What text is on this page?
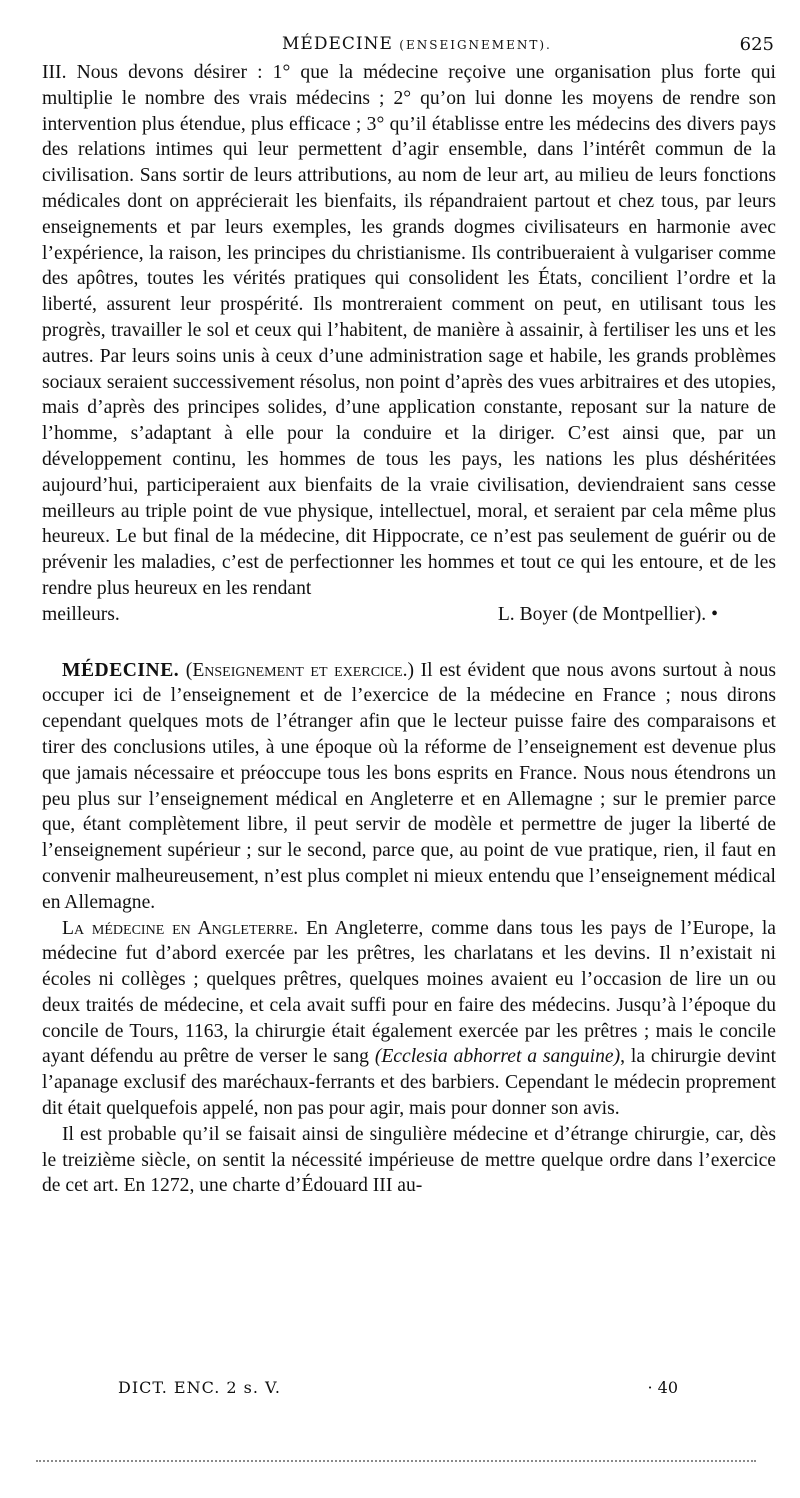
MÉDECINE (ENSEIGNEMENT).	625

III. Nous devons désirer : 1° que la médecine reçoive une organisation plus forte qui multiplie le nombre des vrais médecins ; 2° qu’on lui donne les moyens de rendre son intervention plus étendue, plus efficace ; 3° qu’il établisse entre les médecins des divers pays des relations intimes qui leur permettent d’agir ensemble, dans l’intérêt commun de la civilisation. Sans sortir de leurs attributions, au nom de leur art, au milieu de leurs fonctions médicales dont on apprécierait les bienfaits, ils répandraient partout et chez tous, par leurs enseignements et par leurs exemples, les grands dogmes civilisateurs en harmonie avec l’expérience, la raison, les principes du christianisme. Ils contribueraient à vulgariser comme des apôtres, toutes les vérités pratiques qui consolident les États, concilient l’ordre et la liberté, assurent leur prospérité. Ils montreraient comment on peut, en utilisant tous les progrès, travailler le sol et ceux qui l’habitent, de manière à assainir, à fertiliser les uns et les autres. Par leurs soins unis à ceux d’une administration sage et habile, les grands problèmes sociaux seraient successivement résolus, non point d’après des vues arbitraires et des utopies, mais d’après des principes solides, d’une application constante, reposant sur la nature de l’homme, s’adaptant à elle pour la conduire et la diriger. C’est ainsi que, par un développement continu, les hommes de tous les pays, les nations les plus déshéritées aujourd’hui, participeraient aux bienfaits de la vraie civilisation, deviendraient sans cesse meilleurs au triple point de vue physique, intellectuel, moral, et seraient par cela même plus heureux. Le but final de la médecine, dit Hippocrate, ce n’est pas seulement de guérir ou de prévenir les maladies, c’est de perfectionner les hommes et tout ce qui les entoure, et de les rendre plus heureux en les rendant

meilleurs.	L. Boyer (de Montpellier). •

MÉDECINE. (Enseignement et exercice.) Il est évident que nous avons surtout à nous occuper ici de l’enseignement et de l’exercice de la médecine en France ; nous dirons cependant quelques mots de l’étranger afin que le lecteur puisse faire des comparaisons et tirer des conclusions utiles, à une époque où la réforme de l’enseignement est devenue plus que jamais nécessaire et préoccupe tous les bons esprits en France. Nous nous étendrons un peu plus sur l’enseignement médical en Angleterre et en Allemagne ; sur le premier parce que, étant complètement libre, il peut servir de modèle et permettre de juger la liberté de l’enseignement supérieur ; sur le second, parce que, au point de vue pratique, rien, il faut en convenir malheureusement, n’est plus complet ni mieux entendu que l’enseignement médical en Allemagne.

La médecine en Angleterre. En Angleterre, comme dans tous les pays de l’Europe, la médecine fut d’abord exercée par les prêtres, les charlatans et les devins. Il n’existait ni écoles ni collèges ; quelques prêtres, quelques moines avaient eu l’occasion de lire un ou deux traités de médecine, et cela avait suffi pour en faire des médecins. Jusqu’à l’époque du concile de Tours, 1163, la chirurgie était également exercée par les prêtres ; mais le concile ayant défendu au prêtre de verser le sang (Ecclesia abhorret a sanguine), la chirurgie devint l’apanage exclusif des maréchaux-ferrants et des barbiers. Cependant le médecin proprement dit était quelquefois appelé, non pas pour agir, mais pour donner son avis.

Il est probable qu’il se faisait ainsi de singulière médecine et d’étrange chirurgie, car, dès le treizième siècle, on sentit la nécessité impérieuse de mettre quelque ordre dans l’exercice de cet art. En 1272, une charte d’Édouard III au-

DICT. ENC. 2 s. V.	· 40
